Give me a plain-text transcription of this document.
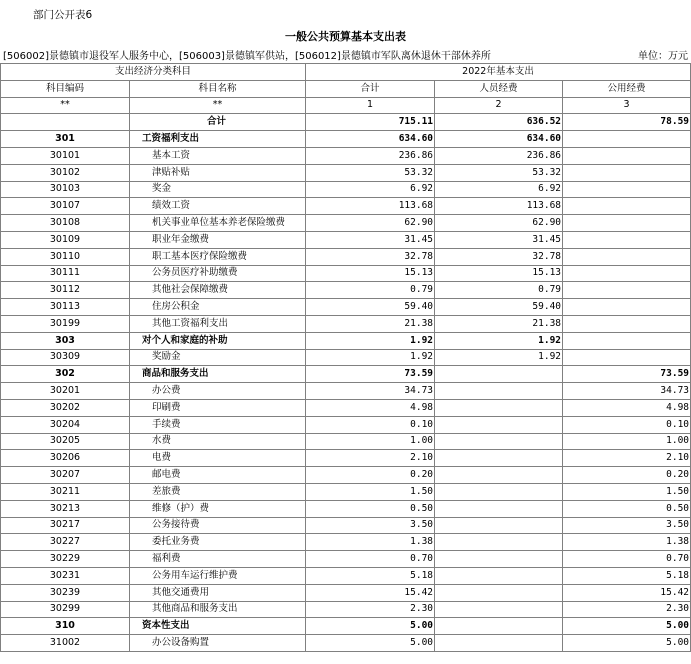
部门公开表6
一般公共预算基本支出表
[506002]景德镇市退役军人服务中心，[506003]景德镇军供站，[506012]景德镇市军队离休退休干部休养所	单位：万元
支出经济分类科目		2022年基本支出		
科目编码	科目名称	合计	人员经费	公用经费
**	**	1	2	3
	合计	715.11	636.52	78.59
301	工资福利支出	634.60	634.60	
30101	基本工资	236.86	236.86	
30102	津贴补贴	53.32	53.32	
30103	奖金	6.92	6.92	
30107	绩效工资	113.68	113.68	
30108	机关事业单位基本养老保险缴费	62.90	62.90	
30109	职业年金缴费	31.45	31.45	
30110	职工基本医疗保险缴费	32.78	32.78	
30111	公务员医疗补助缴费	15.13	15.13	
30112	其他社会保障缴费	0.79	0.79	
30113	住房公积金	59.40	59.40	
30199	其他工资福利支出	21.38	21.38	
303	对个人和家庭的补助	1.92	1.92	
30309	奖励金	1.92	1.92	
302	商品和服务支出	73.59		73.59
30201	办公费	34.73		34.73
30202	印刷费	4.98		4.98
30204	手续费	0.10		0.10
30205	水费	1.00		1.00
30206	电费	2.10		2.10
30207	邮电费	0.20		0.20
30211	差旅费	1.50		1.50
30213	维修（护）费	0.50		0.50
30217	公务接待费	3.50		3.50
30227	委托业务费	1.38		1.38
30229	福利费	0.70		0.70
30231	公务用车运行维护费	5.18		5.18
30239	其他交通费用	15.42		15.42
30299	其他商品和服务支出	2.30		2.30
310	资本性支出	5.00		5.00
31002	办公设备购置	5.00		5.00
